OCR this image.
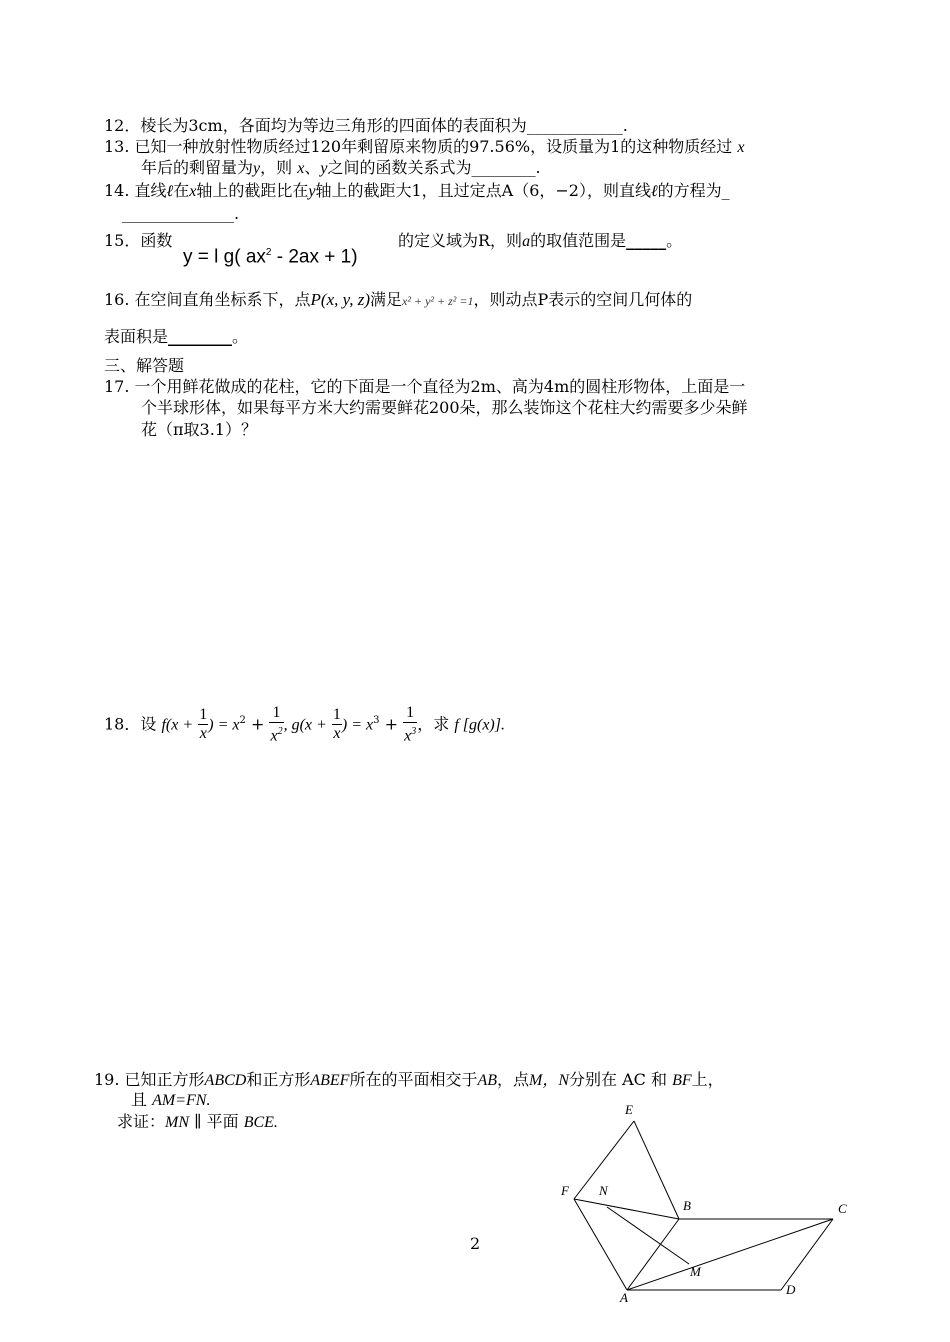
12．棱长为3cm，各面均为等边三角形的四面体的表面积为____________.
13. 已知一种放射性物质经过120年剩留原来物质的97.56%，设质量为1的这种物质经过 x
年后的剩留量为y，则 x、y之间的函数关系式为________.
14. 直线ℓ在x轴上的截距比在y轴上的截距大1，且过定点A（6，−2），则直线ℓ的方程为_
______________.
15．函数
y = l g( $ax^2 - 2ax + 1$)
的定义域为R，则a的取值范围是_____。
16. 在空间直角坐标系下，点P(x, y, z)满足x² + y² + z² =1，则动点P表示的空间几何体的
表面积是________。
三、解答题
17. 一个用鲜花做成的花柱，它的下面是一个直径为2m、高为4m的圆柱形物体，上面是一
个半球形体，如果每平方米大约需要鲜花200朵，那么装饰这个花柱大约需要多少朵鲜
花（π取3.1）？
18．设 $f(x + \frac{1}{x}$ ) = $x^2 + \frac{1}{x^2}$ , $g(x + \frac{1}{x}$ ) = $x^3 + \frac{1}{x^3}$ ，求 f [g(x)].
19. 已知正方形ABCD和正方形ABEF所在的平面相交于AB，点M，N分别在 AC 和 BF上，
且 AM=FN.
求证：MN ∥ 平面 BCE.
2
E
F N
B	C
M
A
D
